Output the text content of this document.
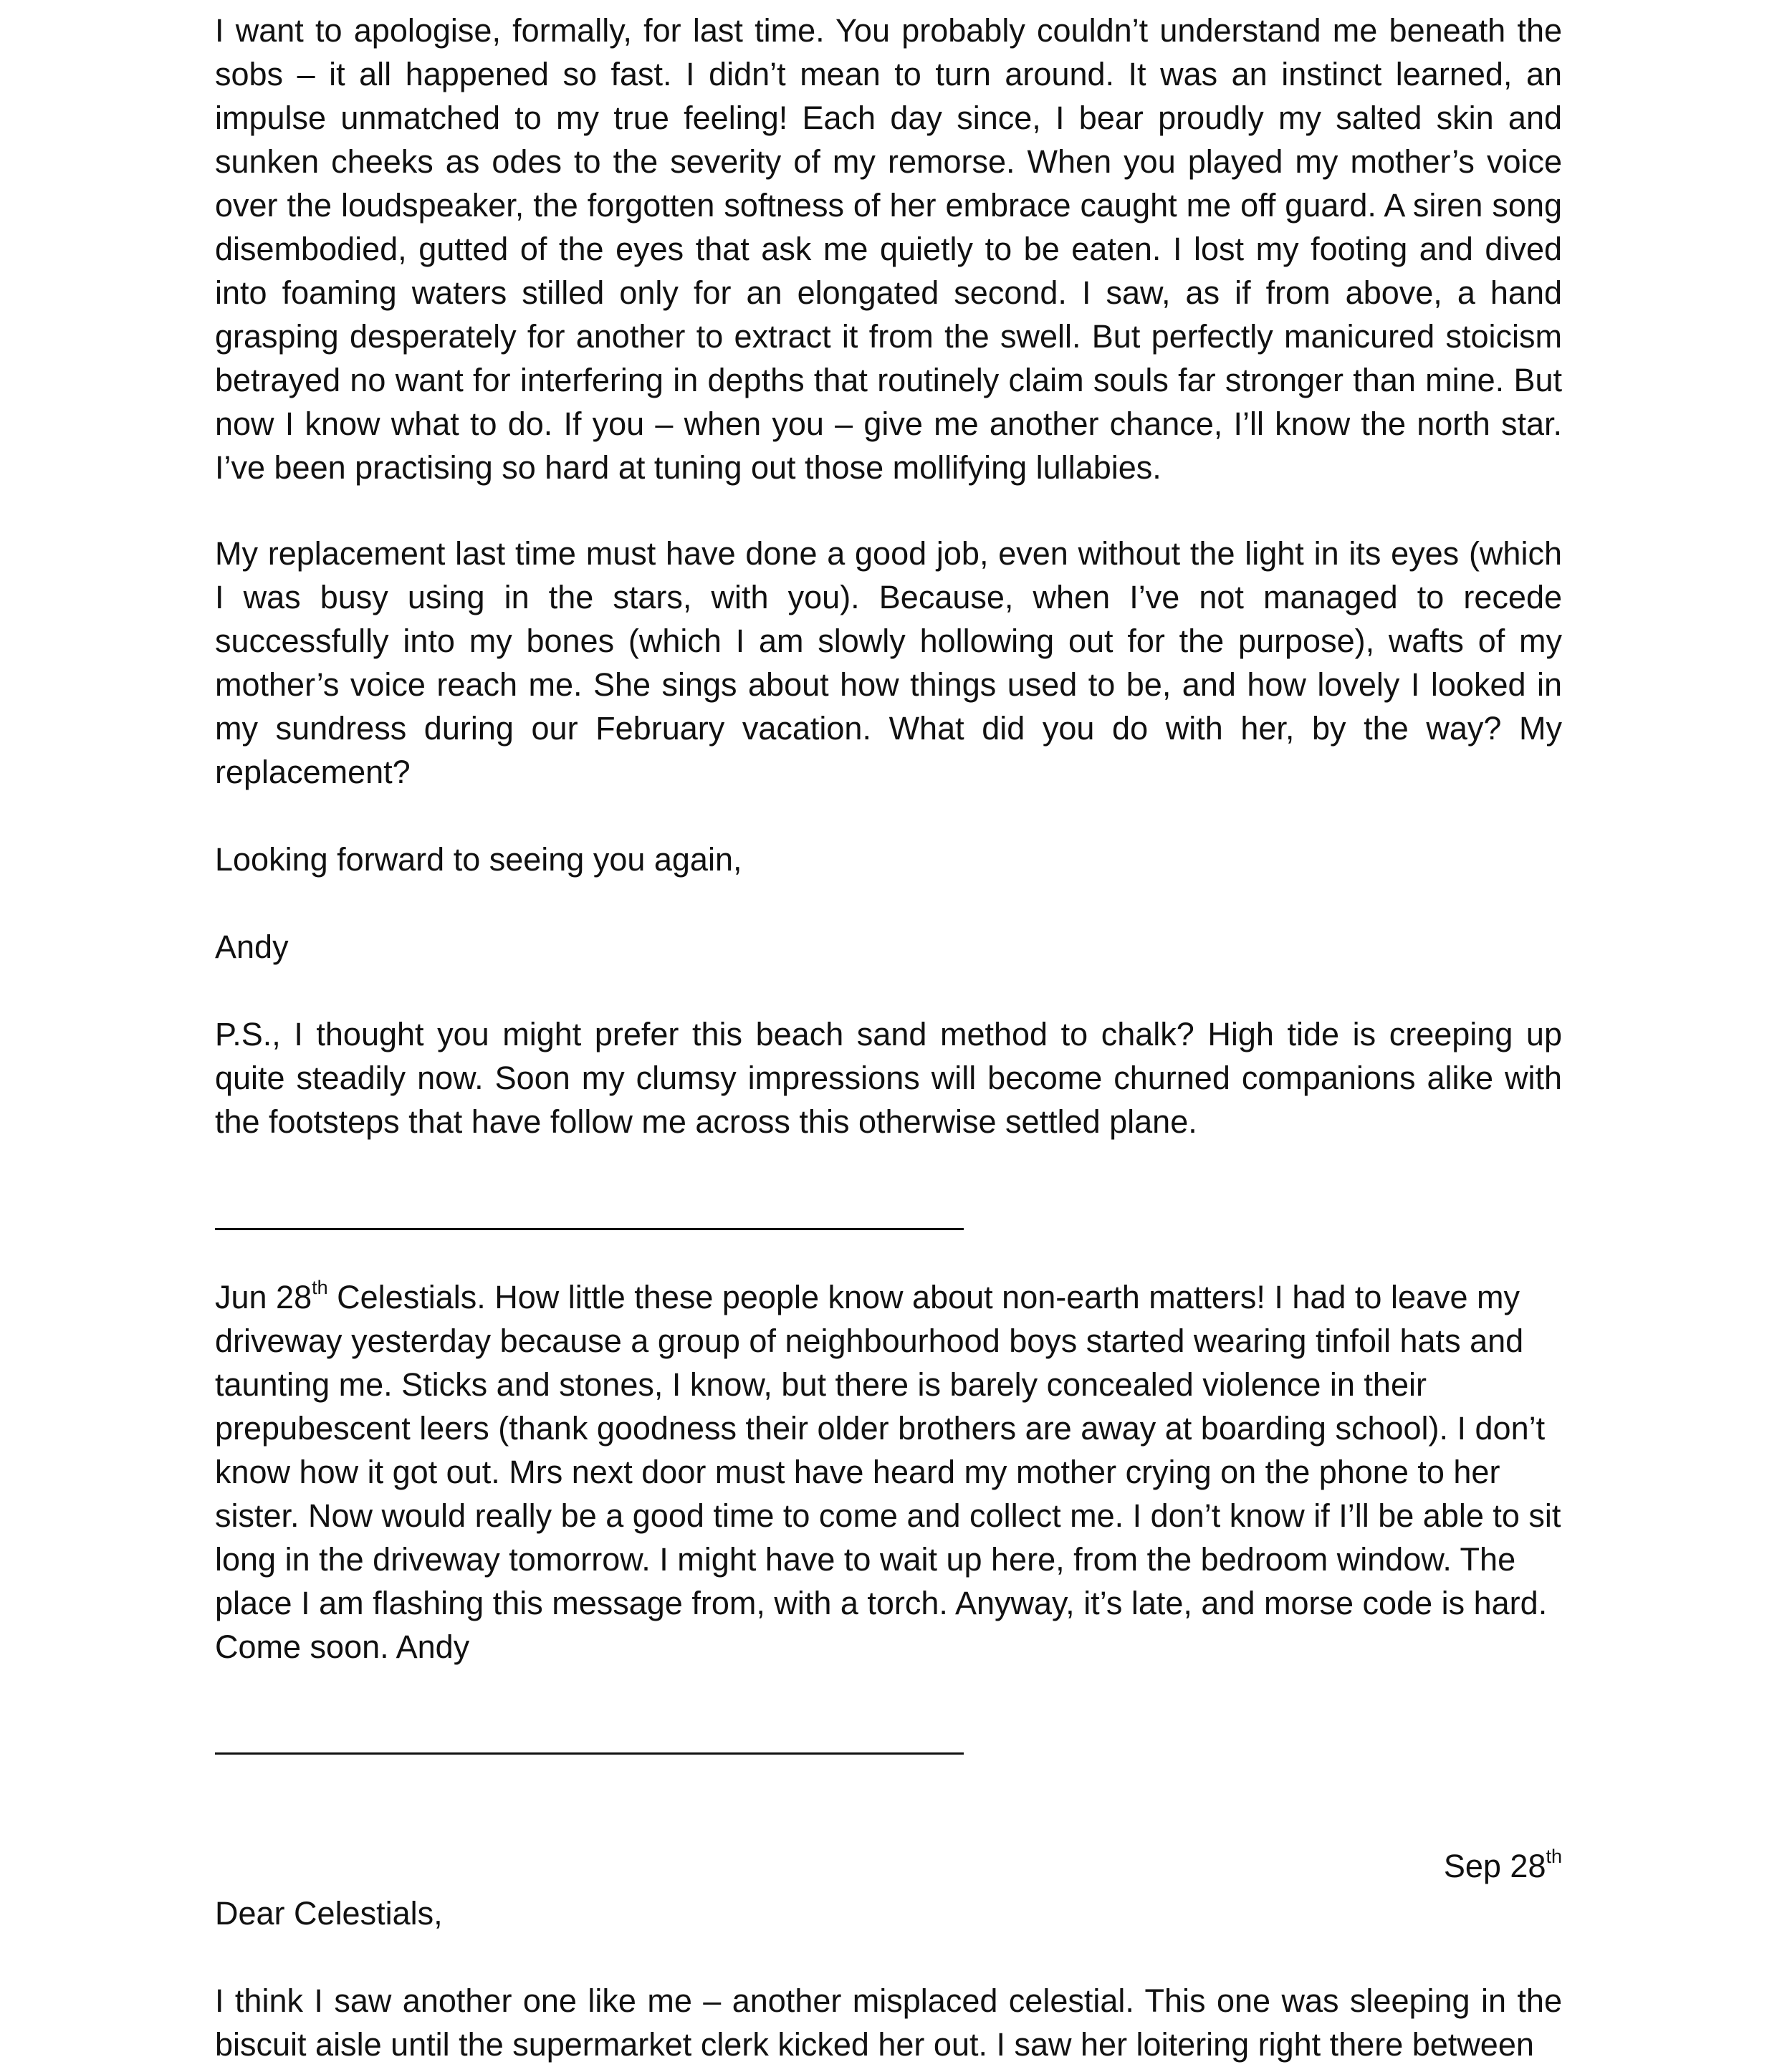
I want to apologise, formally, for last time. You probably couldn’t understand me beneath the sobs – it all happened so fast. I didn’t mean to turn around. It was an instinct learned, an impulse unmatched to my true feeling! Each day since, I bear proudly my salted skin and sunken cheeks as odes to the severity of my remorse. When you played my mother’s voice over the loudspeaker, the forgotten softness of her embrace caught me off guard. A siren song disembodied, gutted of the eyes that ask me quietly to be eaten. I lost my footing and dived into foaming waters stilled only for an elongated second. I saw, as if from above, a hand grasping desperately for another to extract it from the swell. But perfectly manicured stoicism betrayed no want for interfering in depths that routinely claim souls far stronger than mine. But now I know what to do. If you – when you – give me another chance, I’ll know the north star. I’ve been practising so hard at tuning out those mollifying lullabies.

My replacement last time must have done a good job, even without the light in its eyes (which I was busy using in the stars, with you). Because, when I’ve not managed to recede successfully into my bones (which I am slowly hollowing out for the purpose), wafts of my mother’s voice reach me. She sings about how things used to be, and how lovely I looked in my sundress during our February vacation. What did you do with her, by the way? My replacement?

Looking forward to seeing you again,

Andy

P.S., I thought you might prefer this beach sand method to chalk? High tide is creeping up quite steadily now. Soon my clumsy impressions will become churned companions alike with the footsteps that have follow me across this otherwise settled plane.

Jun 28th Celestials. How little these people know about non-earth matters! I had to leave my driveway yesterday because a group of neighbourhood boys started wearing tinfoil hats and taunting me. Sticks and stones, I know, but there is barely concealed violence in their prepubescent leers (thank goodness their older brothers are away at boarding school). I don’t know how it got out. Mrs next door must have heard my mother crying on the phone to her sister. Now would really be a good time to come and collect me. I don’t know if I’ll be able to sit long in the driveway tomorrow. I might have to wait up here, from the bedroom window. The place I am flashing this message from, with a torch. Anyway, it’s late, and morse code is hard. Come soon. Andy

Sep 28th

Dear Celestials,

I think I saw another one like me – another misplaced celestial. This one was sleeping in the biscuit aisle until the supermarket clerk kicked her out. I saw her loitering right there between
